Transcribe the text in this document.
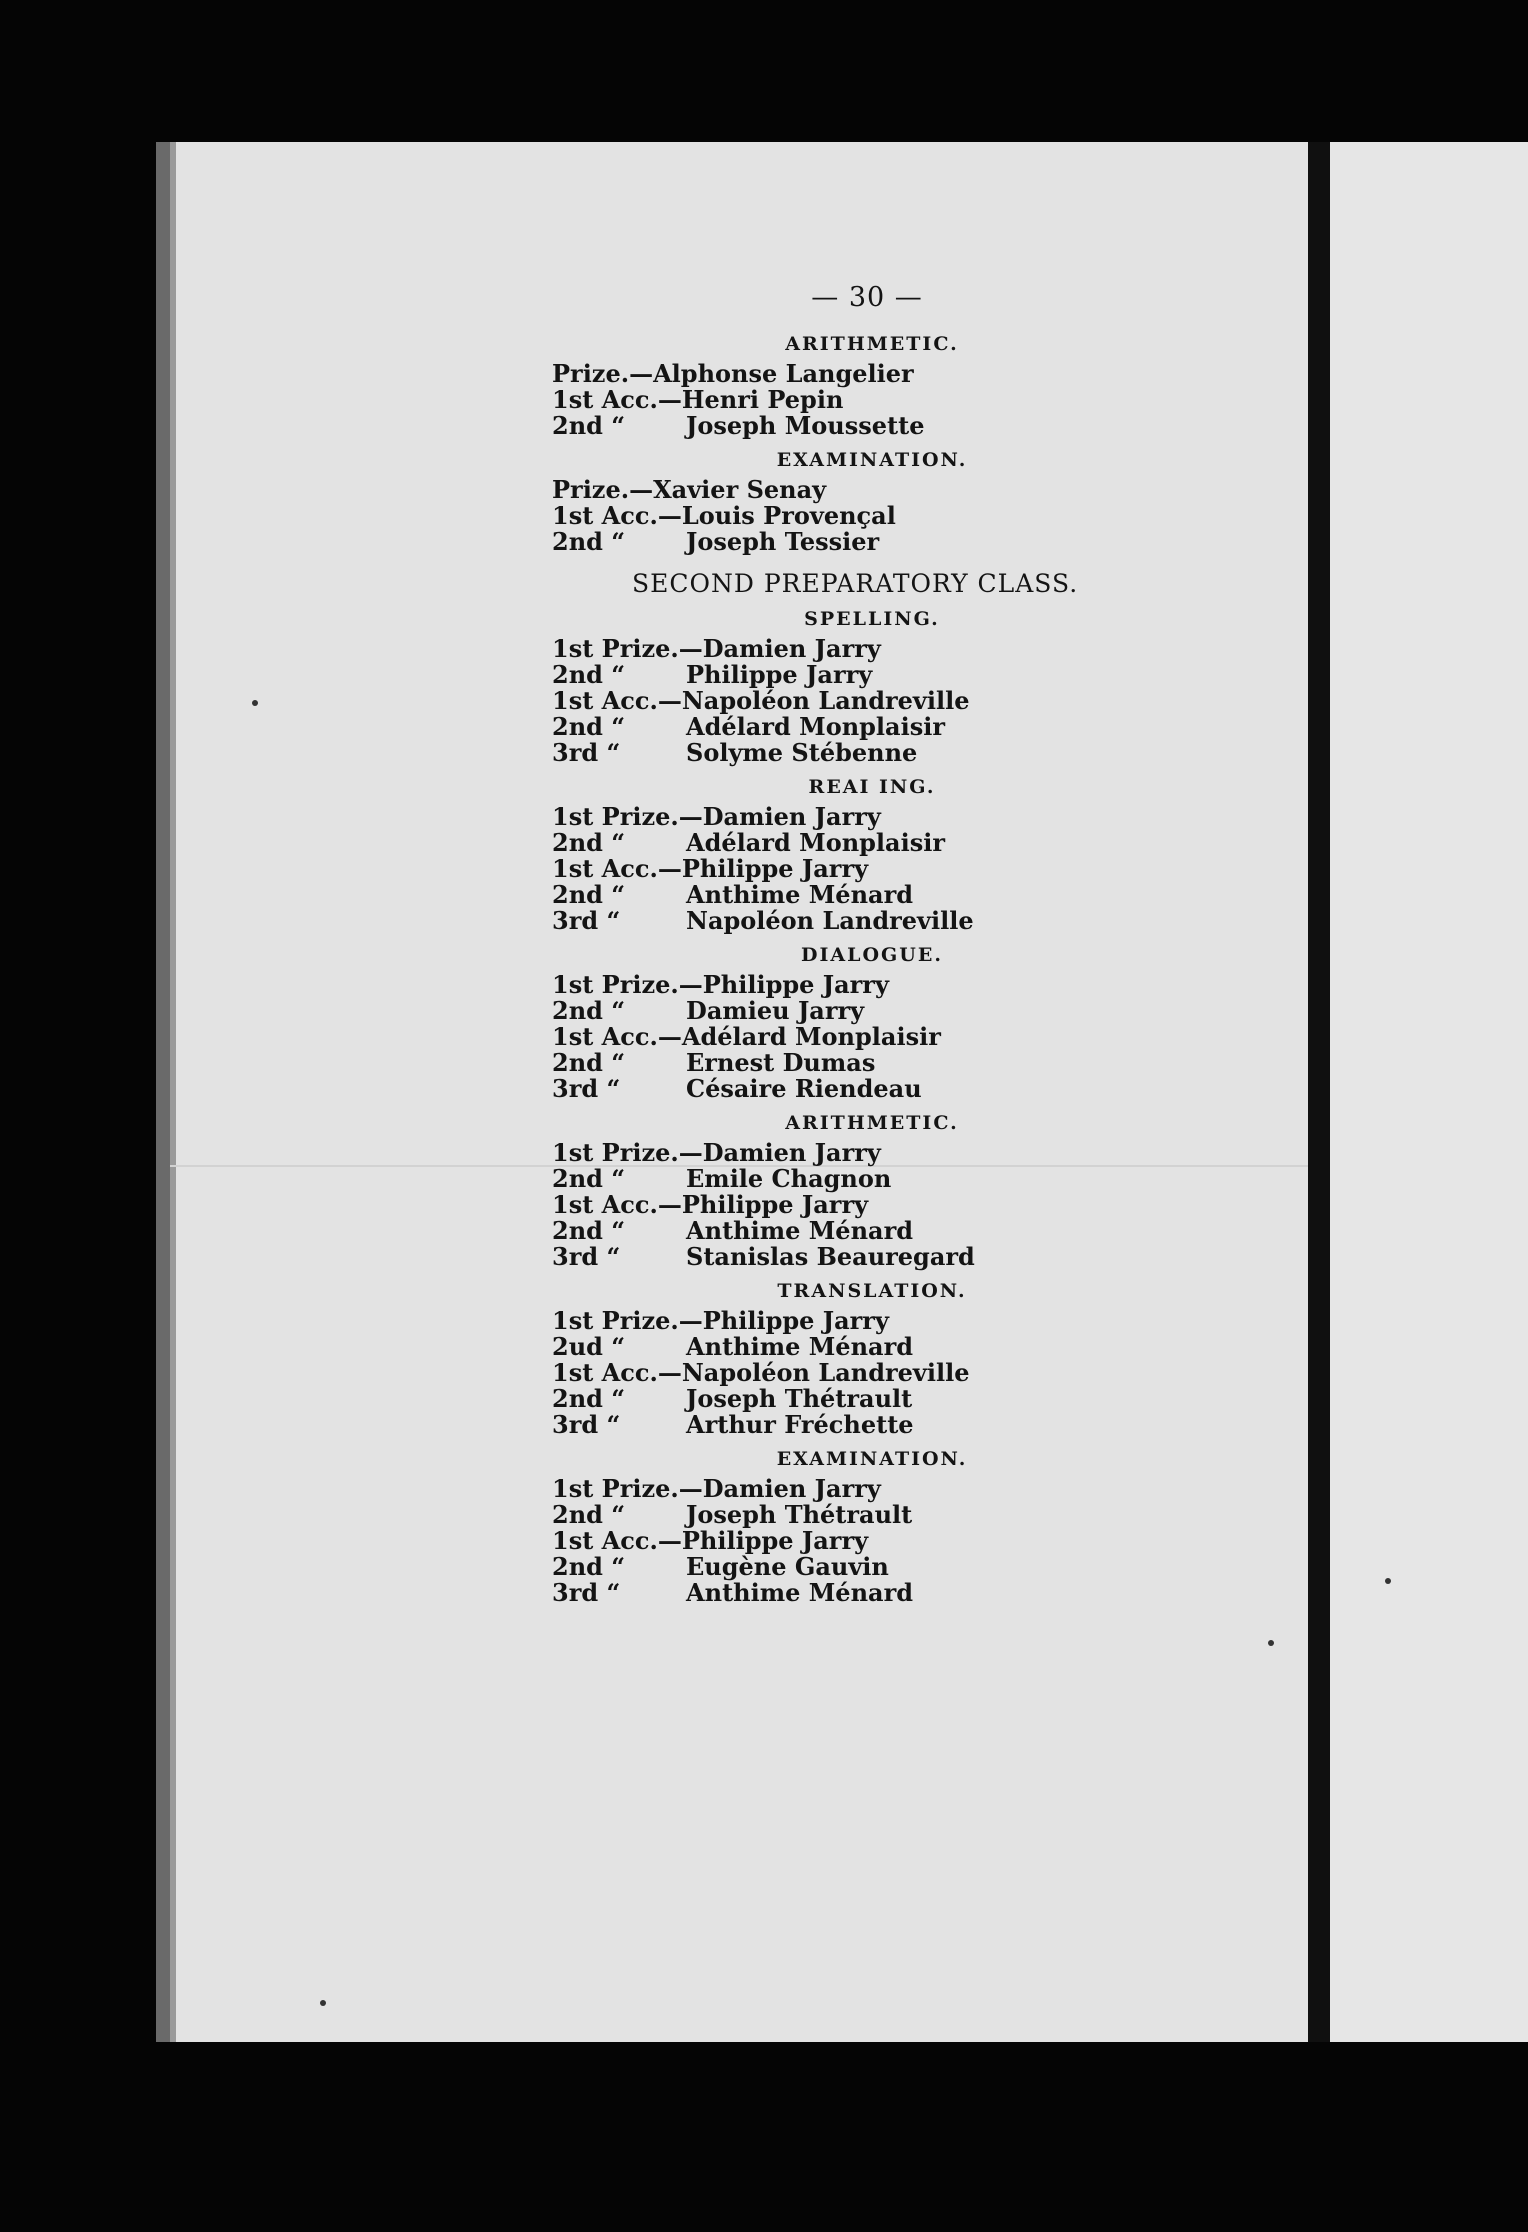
— 30 —
ARITHMETIC.
Prize.— Alphonse Langelier
1st Acc.— Henri Pepin
2nd “	Joseph Moussette
EXAMINATION.
Prize.— Xavier Senay
1st Acc.— Louis Provençal
2nd “	Joseph Tessier
SECOND PREPARATORY CLASS.
SPELLING.
1st Prize.— Damien Jarry
2nd “	Philippe Jarry
1st Acc.— Napoléon Landreville
2nd “	Adélard Monplaisir
3rd “	Solyme Stébenne
REAI ING.
1st Prize.— Damien Jarry
2nd “	Adélard Monplaisir
1st Acc.— Philippe Jarry
2nd “	Anthime Ménard
3rd “	Napoléon Landreville
DIALOGUE.
1st Prize.— Philippe Jarry
2nd “	Damieu Jarry
1st Acc.— Adélard Monplaisir
2nd “	Ernest Dumas
3rd “	Césaire Riendeau
ARITHMETIC.
1st Prize.— Damien Jarry
2nd “	Emile Chagnon
1st Acc.— Philippe Jarry
2nd “	Anthime Ménard
3rd “	Stanislas Beauregard
TRANSLATION.
1st Prize.— Philippe Jarry
2ud “	Anthime Ménard
1st Acc.— Napoléon Landreville
2nd “	Joseph Thétrault
3rd “	Arthur Fréchette
EXAMINATION.
1st Prize.— Damien Jarry
2nd “	Joseph Thétrault
1st Acc.— Philippe Jarry
2nd “	Eugène Gauvin
3rd “	Anthime Ménard
